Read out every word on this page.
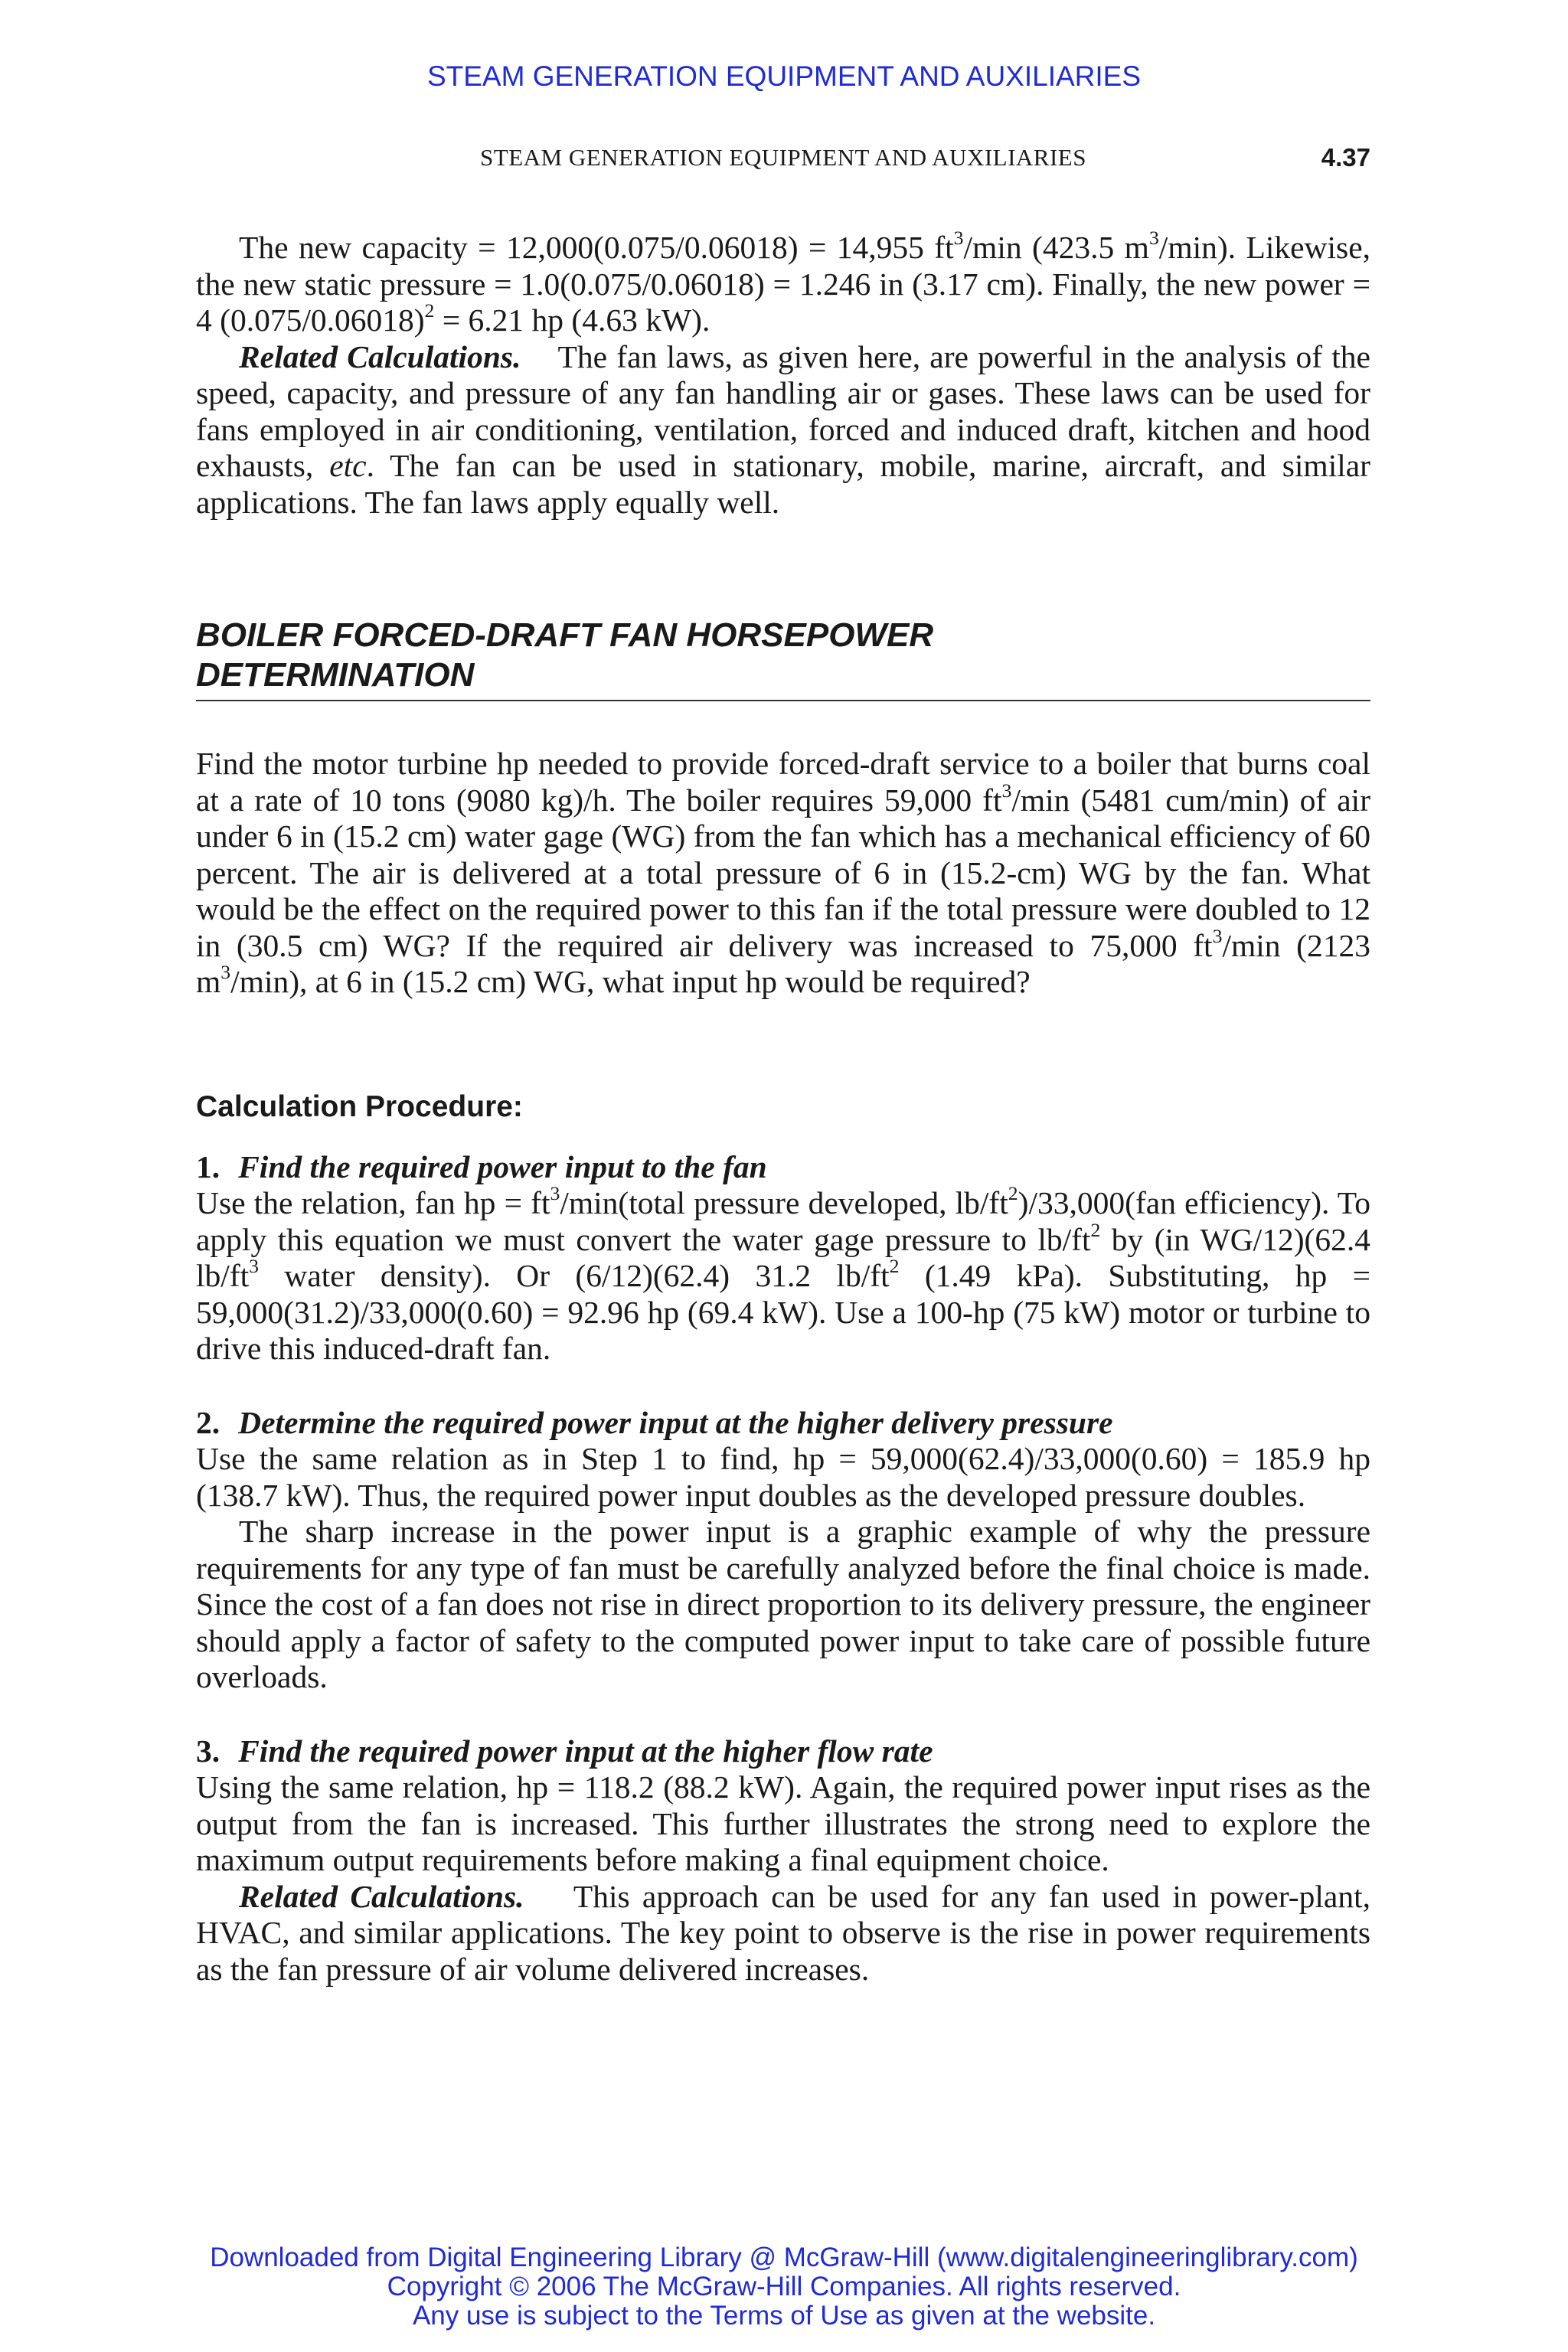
STEAM GENERATION EQUIPMENT AND AUXILIARIES
STEAM GENERATION EQUIPMENT AND AUXILIARIES	4.37

The new capacity = 12,000(0.075/0.06018) = 14,955 $ft^3/\min$ (423.5 $m^3/\min$). Likewise, the new static pressure = 1.0(0.075/0.06018) = 1.246 in (3.17 cm). Finally, the new power = 4 $(0.075/0.06018)^2 = 6.21$ hp (4.63 kW).

Related Calculations. The fan laws, as given here, are powerful in the analysis of the speed, capacity, and pressure of any fan handling air or gases. These laws can be used for fans employed in air conditioning, ventilation, forced and induced draft, kitchen and hood exhausts, etc. The fan can be used in stationary, mobile, marine, aircraft, and similar applications. The fan laws apply equally well.

BOILER FORCED-DRAFT FAN HORSEPOWER
DETERMINATION

Find the motor turbine hp needed to provide forced-draft service to a boiler that burns coal at a rate of 10 tons (9080 kg)/h. The boiler requires 59,000 $ft^3/\min$ (5481 cum/min) of air under 6 in (15.2 cm) water gage (WG) from the fan which has a mechanical efficiency of 60 percent. The air is delivered at a total pressure of 6 in (15.2-cm) WG by the fan. What would be the effect on the required power to this fan if the total pressure were doubled to 12 in (30.5 cm) WG? If the required air delivery was increased to 75,000 $ft^3/\min$ (2123 $m^3/\min$), at 6 in (15.2 cm) WG, what input hp would be required?

Calculation Procedure:
1. Find the required power input to the fan

Use the relation, fan hp = $ft^3/\min(total$ pressure developed, $lb/ft^2)/33,000(fan$ efficiency). To apply this equation we must convert the water gage pressure to $lb/ft^2$ by (in WG/12)(62.4 $lb/ft^3$ water density). Or (6/12)(62.4) 31.2 $lb/ft^2$ (1.49 kPa). Substituting, hp = 59,000(31.2)/33,000(0.60) = 92.96 hp (69.4 kW). Use a 100-hp (75 kW) motor or turbine to drive this induced-draft fan.

2. Determine the required power input at the higher delivery pressure

Use the same relation as in Step 1 to find, hp = 59,000(62.4)/33,000(0.60) = 185.9 hp (138.7 kW). Thus, the required power input doubles as the developed pressure doubles.

The sharp increase in the power input is a graphic example of why the pressure requirements for any type of fan must be carefully analyzed before the final choice is made. Since the cost of a fan does not rise in direct proportion to its delivery pressure, the engineer should apply a factor of safety to the computed power input to take care of possible future overloads.

3. Find the required power input at the higher flow rate

Using the same relation, hp = 118.2 (88.2 kW). Again, the required power input rises as the output from the fan is increased. This further illustrates the strong need to explore the maximum output requirements before making a final equipment choice.

Related Calculations. This approach can be used for any fan used in power-plant, HVAC, and similar applications. The key point to observe is the rise in power requirements as the fan pressure of air volume delivered increases.

Downloaded from Digital Engineering Library @ McGraw-Hill (www.digitalengineeringlibrary.com)
Copyright © 2006 The McGraw-Hill Companies. All rights reserved.
Any use is subject to the Terms of Use as given at the website.
